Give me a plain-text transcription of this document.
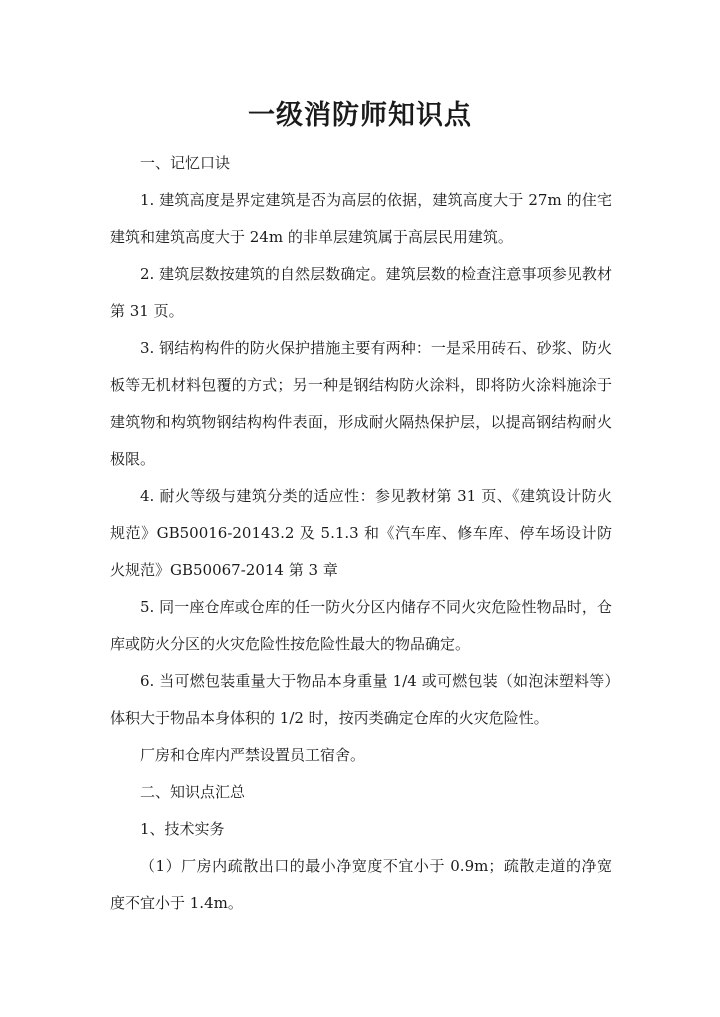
一级消防师知识点

一、记忆口诀

1. 建筑高度是界定建筑是否为高层的依据，建筑高度大于 27m 的住宅建筑和建筑高度大于 24m 的非单层建筑属于高层民用建筑。

2. 建筑层数按建筑的自然层数确定。建筑层数的检查注意事项参见教材第 31 页。

3. 钢结构构件的防火保护措施主要有两种：一是采用砖石、砂浆、防火板等无机材料包覆的方式；另一种是钢结构防火涂料，即将防火涂料施涂于建筑物和构筑物钢结构构件表面，形成耐火隔热保护层，以提高钢结构耐火极限。

4. 耐火等级与建筑分类的适应性：参见教材第 31 页、《建筑设计防火规范》GB50016-20143.2 及 5.1.3 和《汽车库、修车库、停车场设计防火规范》GB50067-2014 第 3 章

5. 同一座仓库或仓库的任一防火分区内储存不同火灾危险性物品时，仓库或防火分区的火灾危险性按危险性最大的物品确定。

6. 当可燃包装重量大于物品本身重量 1/4 或可燃包装（如泡沫塑料等）体积大于物品本身体积的 1/2 时，按丙类确定仓库的火灾危险性。

厂房和仓库内严禁设置员工宿舍。

二、知识点汇总

1、技术实务

（1）厂房内疏散出口的最小净宽度不宜小于 0.9m；疏散走道的净宽度不宜小于 1.4m。
